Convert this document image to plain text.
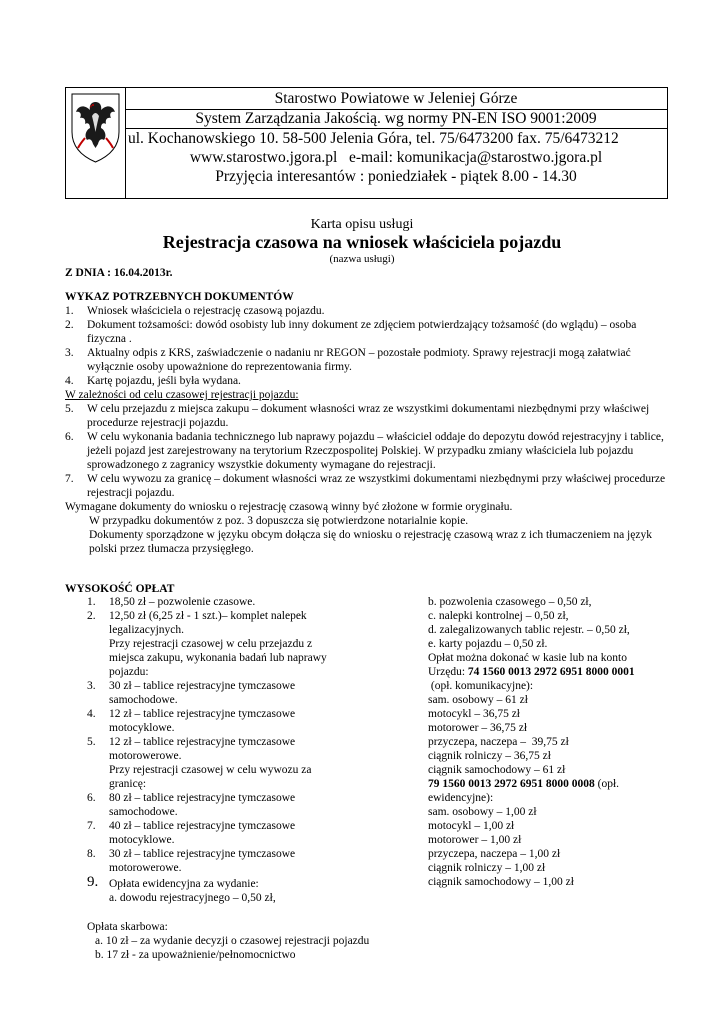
Starostwo Powiatowe w Jeleniej Górze
System Zarządzania Jakością. wg normy PN-EN ISO 9001:2009
ul. Kochanowskiego 10. 58-500 Jelenia Góra, tel. 75/6473200 fax. 75/6473212
www.starostwo.jgora.pl   e-mail: komunikacja@starostwo.jgora.pl
Przyjęcia interesantów : poniedziałek - piątek 8.00 - 14.30
Karta opisu usługi
Rejestracja czasowa na wniosek właściciela pojazdu
(nazwa usługi)
Z DNIA : 16.04.2013r.
WYKAZ POTRZEBNYCH DOKUMENTÓW
1.	Wniosek właściciela o rejestrację czasową pojazdu.
2.	Dokument tożsamości: dowód osobisty lub inny dokument ze zdjęciem potwierdzający tożsamość (do wglądu) – osoba fizyczna .
3.	Aktualny odpis z KRS, zaświadczenie o nadaniu nr REGON – pozostałe podmioty. Sprawy rejestracji mogą załatwiać wyłącznie osoby upoważnione do reprezentowania firmy.
4.	Kartę pojazdu, jeśli była wydana.
W zależności od celu czasowej rejestracji pojazdu:
5.	W celu przejazdu z miejsca zakupu – dokument własności wraz ze wszystkimi dokumentami niezbędnymi przy właściwej procedurze rejestracji pojazdu.
6.	W celu wykonania badania technicznego lub naprawy pojazdu – właściciel oddaje do depozytu dowód rejestracyjny i tablice, jeżeli pojazd jest zarejestrowany na terytorium Rzeczpospolitej Polskiej. W przypadku zmiany właściciela lub pojazdu sprowadzonego z zagranicy wszystkie dokumenty wymagane do rejestracji.
7.	W celu wywozu za granicę – dokument własności wraz ze wszystkimi dokumentami niezbędnymi przy właściwej procedurze rejestracji pojazdu.
Wymagane dokumenty do wniosku o rejestrację czasową winny być złożone w formie oryginału.
W przypadku dokumentów z poz. 3 dopuszcza się potwierdzone notarialnie kopie.
Dokumenty sporządzone w języku obcym dołącza się do wniosku o rejestrację czasową wraz z ich tłumaczeniem na język polski przez tłumacza przysięgłego.
WYSOKOŚĆ OPŁAT
1.	18,50 zł – pozwolenie czasowe.
2.	12,50 zł (6,25 zł - 1 szt.)– komplet nalepek legalizacyjnych.
Przy rejestracji czasowej w celu przejazdu z miejsca zakupu, wykonania badań lub naprawy pojazdu:
3.	30 zł – tablice rejestracyjne tymczasowe samochodowe.
4.	12 zł – tablice rejestracyjne tymczasowe motocyklowe.
5.	12 zł – tablice rejestracyjne tymczasowe motorowerowe.
Przy rejestracji czasowej w celu wywozu za granicę:
6.	80 zł – tablice rejestracyjne tymczasowe samochodowe.
7.	40 zł – tablice rejestracyjne tymczasowe motocyklowe.
8.	30 zł – tablice rejestracyjne tymczasowe motorowerowe.
9. Opłata ewidencyjna za wydanie:
a. dowodu rejestracyjnego – 0,50 zł,
b. pozwolenia czasowego – 0,50 zł,
c. nalepki kontrolnej – 0,50 zł,
d. zalegalizowanych tablic rejestr. – 0,50 zł,
e. karty pojazdu – 0,50 zł.
Opłat można dokonać w kasie lub na konto
Urzędu: 74 1560 0013 2972 6951 8000 0001
(opł. komunikacyjne):
sam. osobowy – 61 zł
motocykl – 36,75 zł
motorower – 36,75 zł
przyczepa, naczepa –  39,75 zł
ciągnik rolniczy – 36,75 zł
ciągnik samochodowy – 61 zł
79 1560 0013 2972 6951 8000 0008 (opł. ewidencyjne):
sam. osobowy – 1,00 zł
motocykl – 1,00 zł
motorower – 1,00 zł
przyczepa, naczepa – 1,00 zł
ciągnik rolniczy – 1,00 zł
ciągnik samochodowy – 1,00 zł
Opłata skarbowa:
a. 10 zł – za wydanie decyzji o czasowej rejestracji pojazdu
b. 17 zł - za upoważnienie/pełnomocnictwo
